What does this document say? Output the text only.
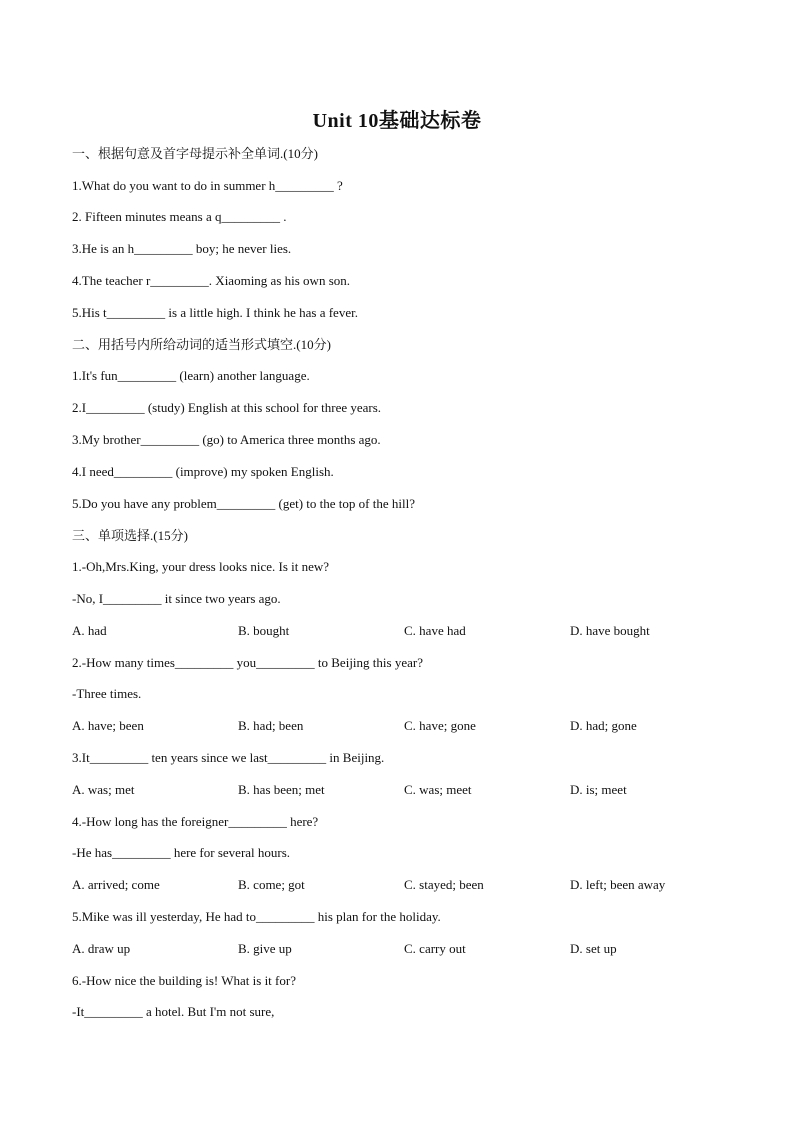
Unit 10基础达标卷
一、根据句意及首字母提示补全单词.(10分)
1.What do you want to do in summer h_________ ?
2. Fifteen minutes means a q_________ .
3.He is an h_________ boy; he never lies.
4.The teacher r_________. Xiaoming as his own son.
5.His t_________ is a little high. I think he has a fever.
二、用括号内所给动词的适当形式填空.(10分)
1.It's fun_________ (learn) another language.
2.I_________ (study) English at this school for three years.
3.My brother_________ (go) to America three months ago.
4.I need_________ (improve) my spoken English.
5.Do you have any problem_________ (get) to the top of the hill?
三、单项选择.(15分)
1.-Oh,Mrs.King, your dress looks nice. Is it new?
-No, I_________ it since two years ago.
A. had	B. bought	C. have had	D. have bought
2.-How many times_________ you_________ to Beijing this year?
-Three times.
A. have; been	B. had; been	C. have; gone	D. had; gone
3.It_________ ten years since we last_________ in Beijing.
A. was; met	B. has been; met	C. was; meet	D. is; meet
4.-How long has the foreigner_________ here?
-He has_________ here for several hours.
A. arrived; come	B. come; got	C. stayed; been	D. left; been away
5.Mike was ill yesterday, He had to_________ his plan for the holiday.
A. draw up	B. give up	C. carry out	D. set up
6.-How nice the building is! What is it for?
-It_________ a hotel. But I'm not sure,
